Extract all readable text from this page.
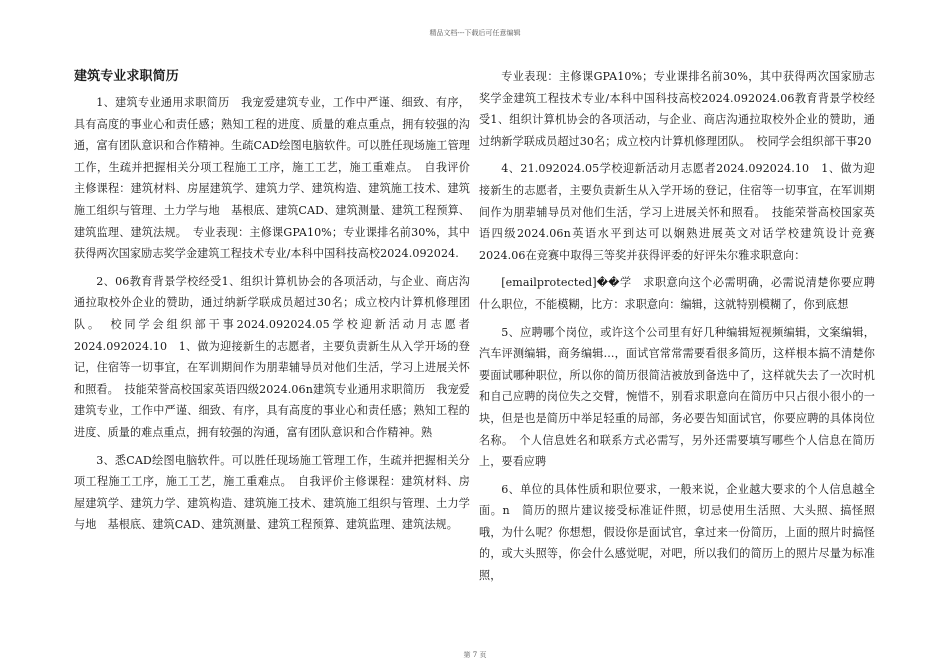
精品文档---下载后可任意编辑
建筑专业求职简历

1、建筑专业通用求职简历　我宠爱建筑专业，工作中严谨、细致、有序，具有高度的事业心和责任感；熟知工程的进度、质量的难点重点，拥有较强的沟通，富有团队意识和合作精神。生疏CAD绘图电脑软件。可以胜任现场施工管理工作，生疏并把握相关分项工程施工工序，施工工艺，施工重难点。　自我评价主修课程：建筑材料、房屋建筑学、建筑力学、建筑构造、建筑施工技术、建筑施工组织与管理、土力学与地　基根底、建筑CAD、建筑测量、建筑工程预算、建筑监理、建筑法规。　专业表现：主修课GPA10%；专业课排名前30%，其中获得两次国家励志奖学金建筑工程技术专业/本科中国科技高校2024.092024.

2、06教育背景学校经受1、组织计算机协会的各项活动，与企业、商店沟通拉取校外企业的赞助，通过纳新学联成员超过30名；成立校内计算机修理团队。　校同学会组织部干事2024.092024.05学校迎新活动月志愿者2024.092024.10　1、做为迎接新生的志愿者，主要负责新生从入学开场的登记，住宿等一切事宜，在军训期间作为朋辈辅导员对他们生活，学习上进展关怀和照看。　技能荣誉高校国家英语四级2024.06n建筑专业通用求职简历　我宠爱建筑专业，工作中严谨、细致、有序，具有高度的事业心和责任感；熟知工程的进度、质量的难点重点，拥有较强的沟通，富有团队意识和合作精神。熟

3、悉CAD绘图电脑软件。可以胜任现场施工管理工作，生疏并把握相关分项工程施工工序，施工工艺，施工重难点。　自我评价主修课程：建筑材料、房屋建筑学、建筑力学、建筑构造、建筑施工技术、建筑施工组织与管理、土力学与地　基根底、建筑CAD、建筑测量、建筑工程预算、建筑监理、建筑法规。

专业表现：主修课GPA10%；专业课排名前30%，其中获得两次国家励志奖学金建筑工程技术专业/本科中国科技高校2024.092024.06教育背景学校经受1、组织计算机协会的各项活动，与企业、商店沟通拉取校外企业的赞助，通过纳新学联成员超过30名；成立校内计算机修理团队。　校同学会组织部干事20

4、21.092024.05学校迎新活动月志愿者2024.092024.10　1、做为迎接新生的志愿者，主要负责新生从入学开场的登记，住宿等一切事宜，在军训期间作为朋辈辅导员对他们生活，学习上进展关怀和照看。　技能荣誉高校国家英语四级2024.06n英语水平到达可以娴熟进展英文对话学校建筑设计竞赛2024.06在竞赛中取得三等奖并获得评委的好评朱尔雅求职意向：

[emailprotected]��学　求职意向这个必需明确，必需说清楚你要应聘什么职位，不能模糊，比方：求职意向：编辑，这就特别模糊了，你到底想

5、应聘哪个岗位，或许这个公司里有好几种编辑短视频编辑，文案编辑，汽车评测编辑，商务编辑...，面试官常常需要看很多简历，这样根本搞不清楚你要面试哪种职位，所以你的简历很简洁被放到备选中了，这样就失去了一次时机和自己应聘的岗位失之交臂，惋惜不，别看求职意向在简历中只占很小很小的一块，但是也是简历中举足轻重的局部，务必要告知面试官，你要应聘的具体岗位名称。　个人信息姓名和联系方式必需写，另外还需要填写哪些个人信息在简历上，要看应聘

6、单位的具体性质和职位要求，一般来说，企业越大要求的个人信息越全面。n　简历的照片建议接受标准证件照，切忌使用生活照、大头照、搞怪照哦，为什么呢？你想想，假设你是面试官，拿过来一份简历，上面的照片时搞怪的，或大头照等，你会什么感觉呢，对吧，所以我们的简历上的照片尽量为标准照，

第 7 页
